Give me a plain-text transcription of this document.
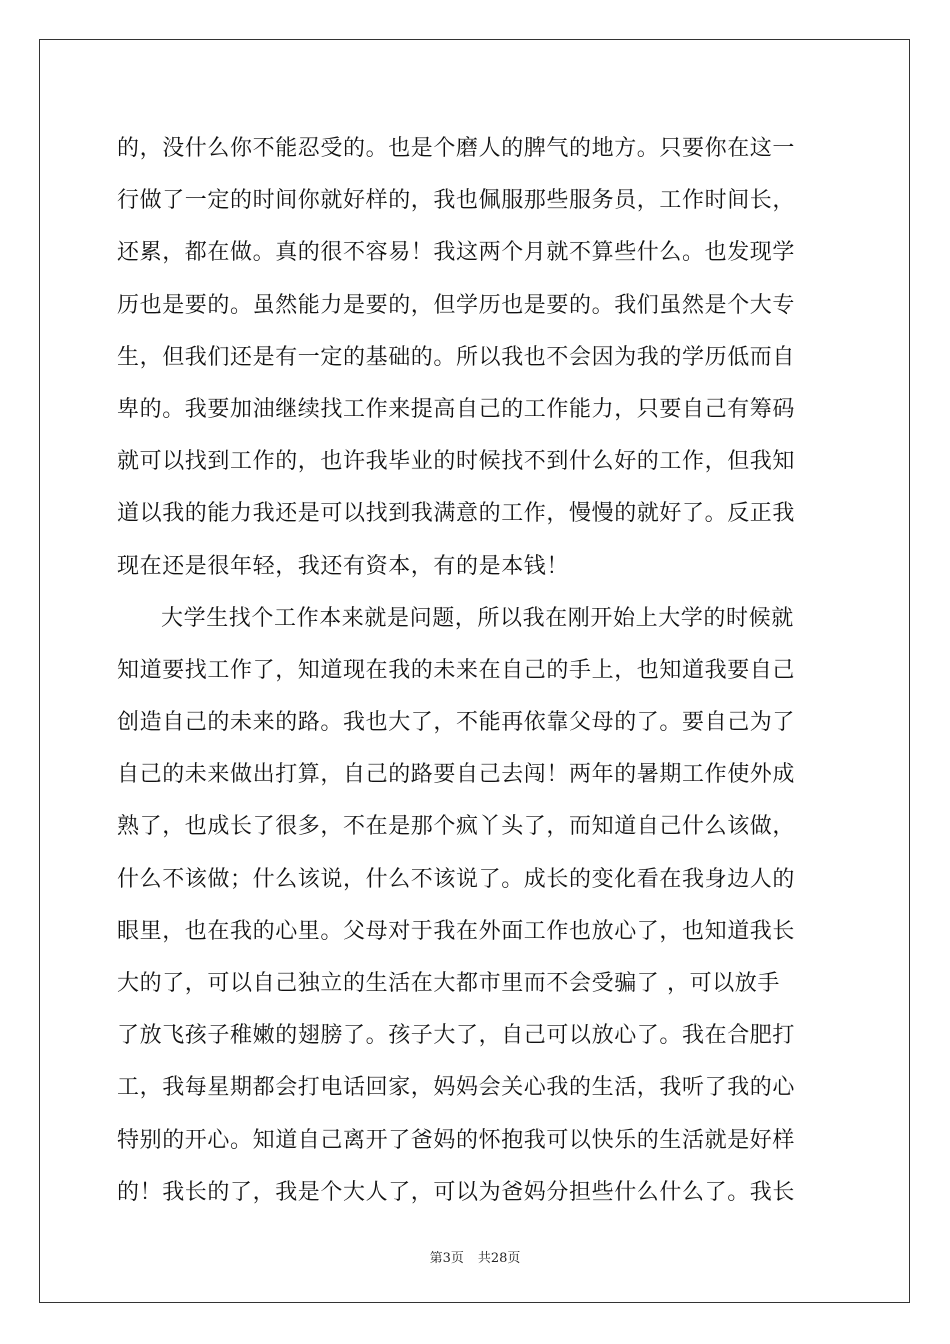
的，没什么你不能忍受的。也是个磨人的脾气的地方。只要你在这一
行做了一定的时间你就好样的，我也佩服那些服务员，工作时间长，
还累，都在做。真的很不容易！我这两个月就不算些什么。也发现学
历也是要的。虽然能力是要的，但学历也是要的。我们虽然是个大专
生，但我们还是有一定的基础的。所以我也不会因为我的学历低而自
卑的。我要加油继续找工作来提高自己的工作能力，只要自己有筹码
就可以找到工作的，也许我毕业的时候找不到什么好的工作，但我知
道以我的能力我还是可以找到我满意的工作，慢慢的就好了。反正我
现在还是很年轻，我还有资本，有的是本钱！
大学生找个工作本来就是问题，所以我在刚开始上大学的时候就
知道要找工作了，知道现在我的未来在自己的手上，也知道我要自己
创造自己的未来的路。我也大了，不能再依靠父母的了。要自己为了
自己的未来做出打算，自己的路要自己去闯！两年的暑期工作使外成
熟了，也成长了很多，不在是那个疯丫头了，而知道自己什么该做，
什么不该做；什么该说，什么不该说了。成长的变化看在我身边人的
眼里，也在我的心里。父母对于我在外面工作也放心了，也知道我长
大的了，可以自己独立的生活在大都市里而不会受骗了 ，可以放手
了放飞孩子稚嫩的翅膀了。孩子大了，自己可以放心了。我在合肥打
工，我每星期都会打电话回家，妈妈会关心我的生活，我听了我的心
特别的开心。知道自己离开了爸妈的怀抱我可以快乐的生活就是好样
的！我长的了，我是个大人了，可以为爸妈分担些什么什么了。我长
第3页 共28页
